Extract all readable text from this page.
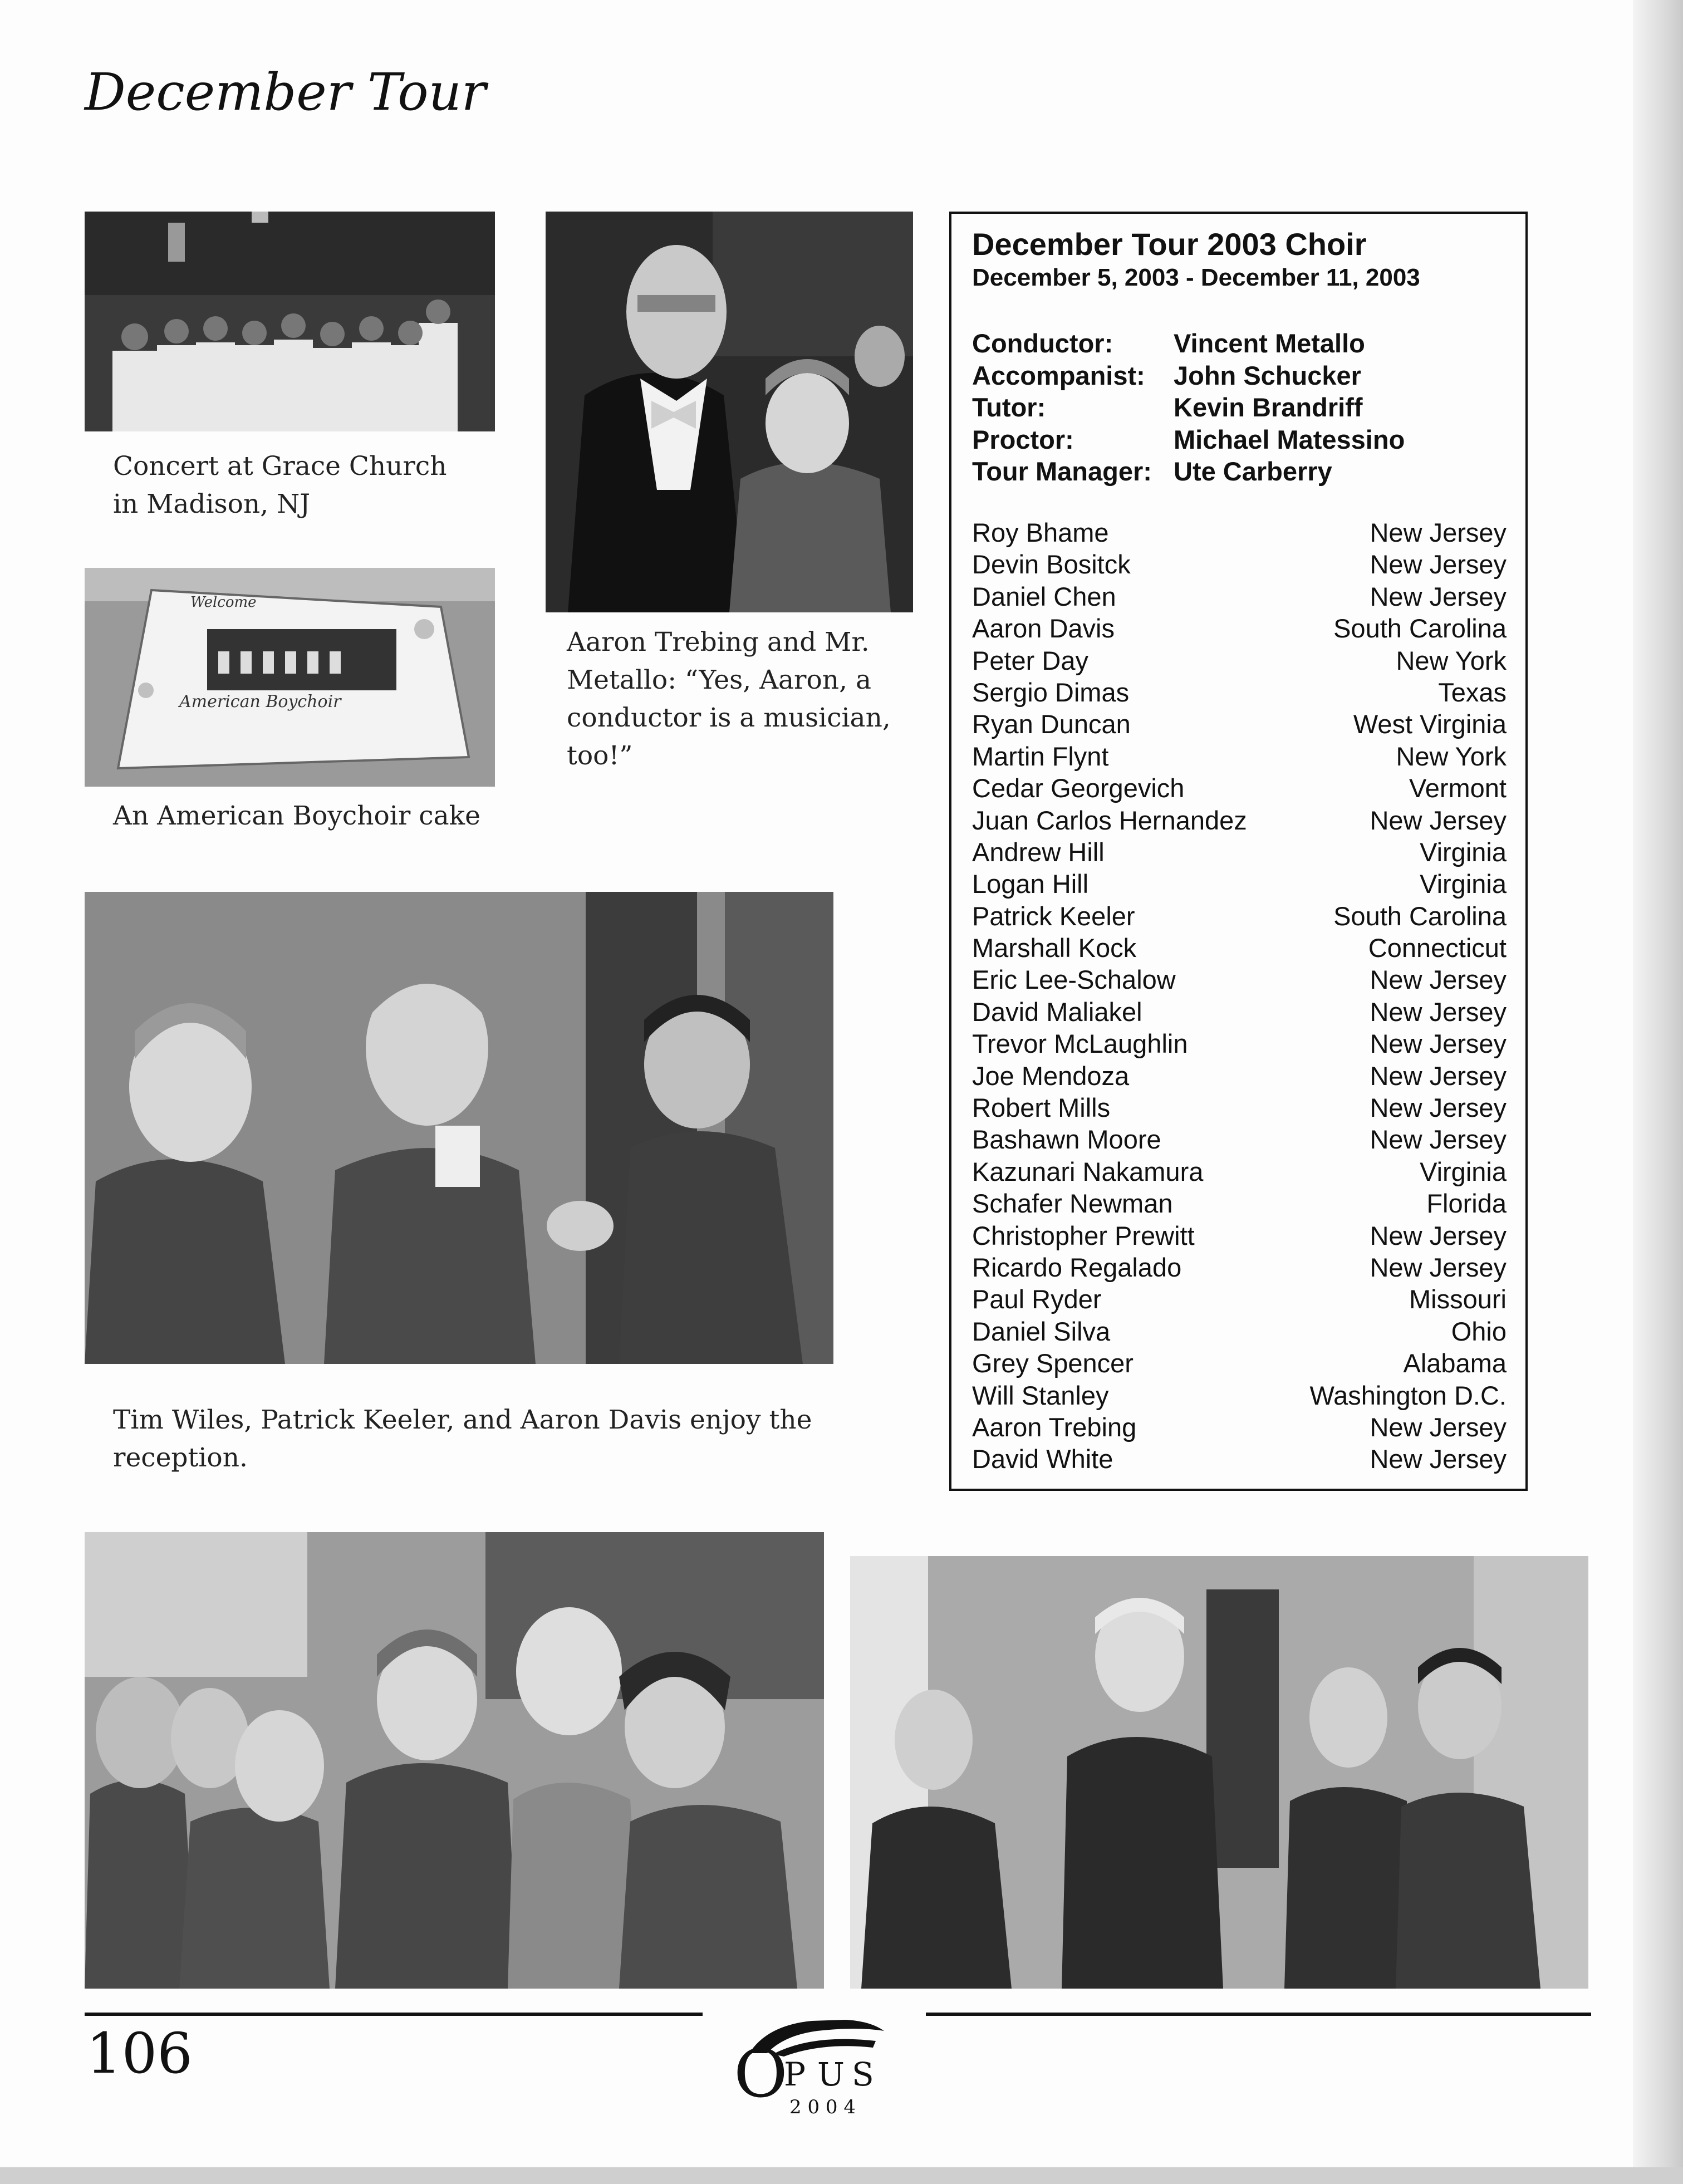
December Tour

Concert at Grace Church
in Madison, NJ

Welcome
American Boychoir

An American Boychoir cake

Aaron Trebing and Mr.
Metallo: “Yes, Aaron, a
conductor is a musician,
too!”

Tim Wiles, Patrick Keeler, and Aaron Davis enjoy the
reception.

December Tour 2003 Choir
December 5, 2003 - December 11, 2003
Conductor: Vincent Metallo
Accompanist: John Schucker
Tutor:	Kevin Brandriff
Proctor:	Michael Matessino
Tour Manager: Ute Carberry
Roy Bhame	New Jersey
Devin Bositck	New Jersey
Daniel Chen	New Jersey
Aaron Davis	South Carolina
Peter Day	New York
Sergio Dimas	Texas
Ryan Duncan	West Virginia
Martin Flynt	New York
Cedar Georgevich	Vermont
Juan Carlos Hernandez	New Jersey
Andrew Hill	Virginia
Logan Hill	Virginia
Patrick Keeler	South Carolina
Marshall Kock	Connecticut
Eric Lee-Schalow	New Jersey
David Maliakel	New Jersey
Trevor McLaughlin	New Jersey
Joe Mendoza	New Jersey
Robert Mills	New Jersey
Bashawn Moore	New Jersey
Kazunari Nakamura	Virginia
Schafer Newman	Florida
Christopher Prewitt	New Jersey
Ricardo Regalado	New Jersey
Paul Ryder	Missouri
Daniel Silva	Ohio
Grey Spencer	Alabama
Will Stanley	Washington D.C.
Aaron Trebing	New Jersey
David White	New Jersey

106	O
P U S
2 0 0 4
